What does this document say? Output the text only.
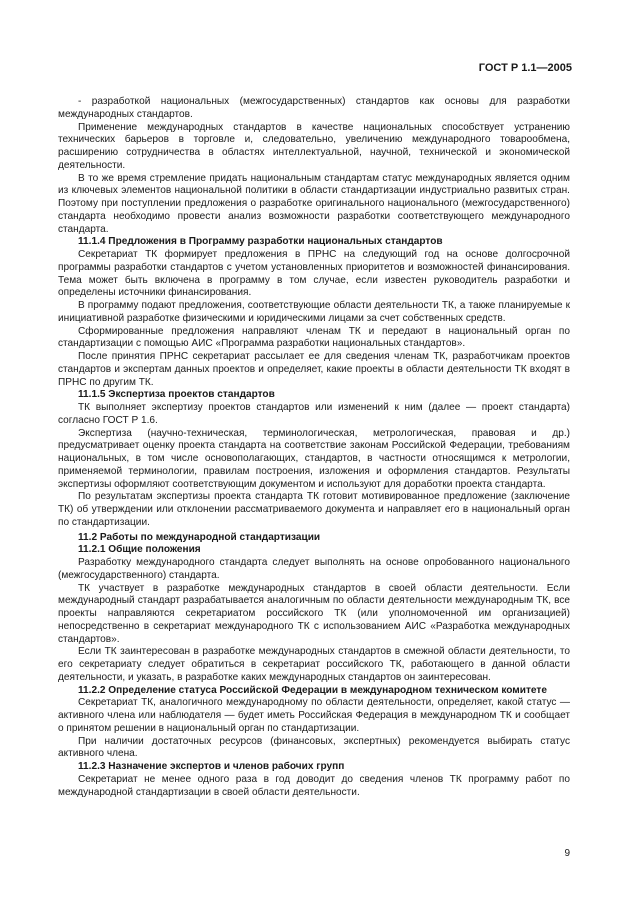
ГОСТ Р 1.1—2005

- разработкой национальных (межгосударственных) стандартов как основы для разработки международных стандартов.

Применение международных стандартов в качестве национальных способствует устранению технических барьеров в торговле и, следовательно, увеличению международного товарообмена, расширению сотрудничества в областях интеллектуальной, научной, технической и экономической деятельности.

В то же время стремление придать национальным стандартам статус международных является одним из ключевых элементов национальной политики в области стандартизации индустриально развитых стран. Поэтому при поступлении предложения о разработке оригинального национального (межгосударственного) стандарта необходимо провести анализ возможности разработки соответствующего международного стандарта.

11.1.4 Предложения в Программу разработки национальных стандартов

Секретариат ТК формирует предложения в ПРНС на следующий год на основе долгосрочной программы разработки стандартов с учетом установленных приоритетов и возможностей финансирования. Тема может быть включена в программу в том случае, если известен руководитель разработки и определены источники финансирования.

В программу подают предложения, соответствующие области деятельности ТК, а также планируемые к инициативной разработке физическими и юридическими лицами за счет собственных средств.

Сформированные предложения направляют членам ТК и передают в национальный орган по стандартизации с помощью АИС «Программа разработки национальных стандартов».

После принятия ПРНС секретариат рассылает ее для сведения членам ТК, разработчикам проектов стандартов и экспертам данных проектов и определяет, какие проекты в области деятельности ТК входят в ПРНС по другим ТК.

11.1.5 Экспертиза проектов стандартов

ТК выполняет экспертизу проектов стандартов или изменений к ним (далее — проект стандарта) согласно ГОСТ Р 1.6.

Экспертиза (научно-техническая, терминологическая, метрологическая, правовая и др.) предусматривает оценку проекта стандарта на соответствие законам Российской Федерации, требованиям национальных, в том числе основополагающих, стандартов, в частности относящимся к метрологии, применяемой терминологии, правилам построения, изложения и оформления стандартов. Результаты экспертизы оформляют соответствующим документом и используют для доработки проекта стандарта.

По результатам экспертизы проекта стандарта ТК готовит мотивированное предложение (заключение ТК) об утверждении или отклонении рассматриваемого документа и направляет его в национальный орган по стандартизации.

11.2 Работы по международной стандартизации

11.2.1 Общие положения

Разработку международного стандарта следует выполнять на основе опробованного национального (межгосударственного) стандарта.

ТК участвует в разработке международных стандартов в своей области деятельности. Если международный стандарт разрабатывается аналогичным по области деятельности международным ТК, все проекты направляются секретариатом российского ТК (или уполномоченной им организацией) непосредственно в секретариат международного ТК с использованием АИС «Разработка международных стандартов».

Если ТК заинтересован в разработке международных стандартов в смежной области деятельности, то его секретариату следует обратиться в секретариат российского ТК, работающего в данной области деятельности, и указать, в разработке каких международных стандартов он заинтересован.

11.2.2 Определение статуса Российской Федерации в международном техническом комитете

Секретариат ТК, аналогичного международному по области деятельности, определяет, какой статус — активного члена или наблюдателя — будет иметь Российская Федерация в международном ТК и сообщает о принятом решении в национальный орган по стандартизации.

При наличии достаточных ресурсов (финансовых, экспертных) рекомендуется выбирать статус активного члена.

11.2.3 Назначение экспертов и членов рабочих групп

Секретариат не менее одного раза в год доводит до сведения членов ТК программу работ по международной стандартизации в своей области деятельности.

9
